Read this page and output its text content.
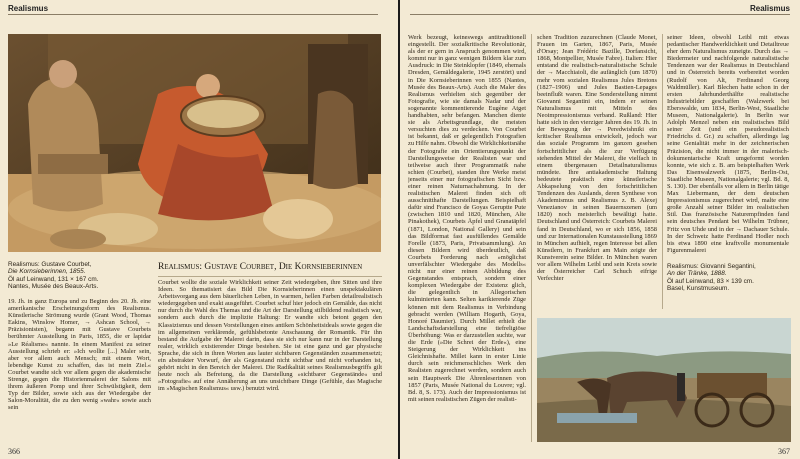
Realismus
Realismus: Gustave Courbet,
Die Kornsieberinnen, 1855.
Öl auf Leinwand, 131 × 167 cm.
Nantes, Musée des Beaux-Arts.
Realismus: Gustave Courbet, Die Kornsieberinnen
Courbet wollte die soziale Wirklichkeit seiner Zeit wiedergeben, ihre Sitten und ihre Ideen. So thematisiert das Bild Die Kornsieberinnen einen unspektakulären Arbeitsvorgang aus dem bäuerlichen Leben, in warmen, hellen Farben detailrealistisch wiedergegeben und exakt ausgeführt. Courbet schuf hier jedoch ein Gemälde, das nicht nur durch die Wahl des Themas und die Art der Darstellung stilbildend realistisch war, sondern auch durch die implizite Haltung: Er wandte sich betont gegen den Klassizismus und dessen Vorstellungen eines antiken Schönheitsideals sowie gegen die im allgemeinen verklärende, gefühlsbetonte Anschauung der Romantik. Für ihn bestand die Aufgabe der Malerei darin, dass sie sich nur kann nur in der Darstellung realer, wirklich existierender Dinge bestehen. Sie ist eine ganz und gar physische Sprache, die sich in ihren Worten aus lauter sichtbaren Gegenständen zusammensetzt; ein abstrakter Vorwurf, der als Gegenstand nicht sichtbar und nicht vorhanden ist, gehört nicht in den Bereich der Malerei. Die Radikalität seines Realismusbegriffs gilt heute noch als Befreiung, da die Darstellung »sichtbarer Gegenstände« und »Fotografie« auf eine Annäherung an uns unsichtbare Dinge (Gefühle, das Magische im »Magischen Realismus« usw.) benutzt wird.
19. Jh. in ganz Europa und zu Beginn des 20. Jh. eine amerikanische Erscheinungsform des Realismus. Künstlerische Strömung wurde (Grant Wood, Thomas Eakins, Winslow Homer, → Ashcan School, → Präzisionisten), begann mit Gustave Courbets berühmter Ausstellung in Paris, 1855, die er lapidar »Le Réalisme« nannte. In einem Manifest zu seiner Ausstellung schrieb er: »Ich wollte [...] Maler sein, aber vor allem auch Mensch; mit einem Wort, lebendige Kunst zu schaffen, das ist mein Ziel.« Courbet wandte sich vor allem gegen die akademische Strenge, gegen die Historienmalerei der Salons mit ihrem äußeren Pomp und ihrer Schwülstigkeit, dem Typ der Bilder, sowie sich aus der Wiedergabe der Salon-Moralität, die zu den wenig »wahr« sowie auch sein
366
Realismus
Werk bezeugt, keineswegs antitraditionell eingestellt. Der sozialkritische Revolutionär, als der er gern in Anspruch genommen wird, kommt nur in ganz wenigen Bildern klar zum Ausdruck: in Die Steinklopfer (1849, ehemals Dresden, Gemäldegalerie, 1945 zerstört) und in Die Kornsieberinnen von 1855 (Nantes, Musée des Beaux-Arts). Auch die Maler des Realismus verhielten sich gegenüber der Fotografie, wie sie damals Nadar und der sogenannte kommentierende Eugène Atget handhabten, sehr befangen. Manchen diente sie als Arbeitsgrundlage, die meisten versuchten dies zu verdecken. Von Courbet ist bekannt, daß er gelegentlich Fotografien zu Hilfe nahm. Obwohl die Wirklichkeitsnähe der Fotografie ein Orientierungspunkt der Darstellungsweise der Realisten war und teilweise auch ihrer Programmatik nahe schien (Courbet), standen ihre Werke meist jenseits einer nur fotografischen Sicht bzw. einer reinen Naturnachahmung. In der realistischen Malerei finden sich oft ausschnitthafte Darstellungen. Beispielhaft dafür sind Francisco de Goyas Geruptte Pute (zwischen 1810 und 1820, München, Alte Pinakothek), Courbets Äpfel und Granatäpfel (1871, London, National Gallery) und sein das Bildformat fast ausfüllendes Gemälde Forelle (1873, Paris, Privatsammlung). An diesen Bildern wird überdeutlich, daß Courbets Forderung nach »möglichst unverfälschter Wiedergabe des Modells« nicht nur einer reinen Abbildung des Gegenstandes entsprach, sondern einer komplexen Wiedergabe der Existenz glich, die gelegentlich in Allegorischen kulminierten kann. Selten karikierende Züge können mit dem Realismus in Verbindung gebracht werden (William Hogarth, Goya, Honoré Daumier). Durch Millet erhielt die Landschaftsdarstellung eine tiefreligiöse Überhöhung: Was er darzustellen suchte, war die Erde (»Die Schrei der Erde«), eine Steigerung der Wirklichkeit ins Gleichnishafte. Millet kann in erster Linie durch sein reichmenschliches Werk den Realisten zugerechnet werden, sondern auch sein Hauptwerk Die Ährenleserinnen von 1857 (Paris, Musée National du Louvre; vgl. Bd. 8, S. 173). Auch der Impressionismus ist mit seinen realistischen Zügen der realisti-
schen Tradition zuzurechnen (Claude Monet, Frauen im Garten, 1867, Paris, Musée d'Orsay; Jean Frédéric Bazille, Dorfansicht, 1868, Montpellier, Musée Fabre). Italien: Hier entstand die realistisch-naturalistische Schule der → Macchiaioli, die aufänglich (um 1870) mehr vom sozialen Realismus Jules Bretons (1827–1906) und Jules Bastien-Lepages beeinflußt waren. Eine Sonderstellung nimmt Giovanni Segantini ein, indem er seinen Naturalismus mit Mitteln des Neoimpressionismus verband. Rußland: Hier hatte sich in den vierziger Jahren des 19. Jh. in der Bewegung der → Peredwishniki ein kritischer Realismus entwickelt, jedoch war das soziale Programm im ganzen gesehen fortschrittlicher als die zur Verfügung stehenden Mittel der Malerei, die vielfach in einem übergenauen Detailnaturalismus mündete. Ihre antiakademische Haltung bedeutete praktisch eine künstlerische Abkapselung von den fortschrittlichen Tendenzen des Auslands, deren Synthese von Akademismus und Realismus z. B. Alexej Venezianov in seinen Bauernszenen (um 1820) noch meisterlich bewältigt hatte. Deutschland und Österreich: Courbets Malerei fand in Deutschland, wo er sich 1856, 1858 und zur Internationalen Kunstausstellung 1869 in München aufhielt, regen Interesse bei allen Künstlern, in Frankfurt am Main zeigte der Kunstverein seine Bilder. In München waren vor allem Wilhelm Leibl und sein Kreis sowie der Österreicher Carl Schuch eifrige Verfechter
seiner Ideen, obwohl Leibl mit etwas pedantischer Handwerklichkeit und Detailtreue eher dem Naturalismus zuneigte. Durch das → Biedermeier und nachfolgende naturalistische Tendenzen war der Realismus in Deutschland und in Österreich bereits vorbereitet worden (Rudolf von Alt, Ferdinand Georg Waldmüller). Karl Blechen hatte schon in der ersten Jahrhunderthälfte realistische Industriebilder geschaffen (Walzwerk bei Eberswalde, um 1834, Berlin-West, Staatliche Museen, Nationalgalerie). In Berlin war Adolph Menzel neben ein realistisches Bild seiner Zeit (und ein pseudorealistisch Friedrichs d. Gr.) zu schaffen, allerdings lag seine Genialität mehr in der zeichnerischen Präzision, die nicht immer in der malerisch-dokumentarische Kraft umgeformt worden konnte, wie sich z. B. am beispielhaften Werk Das Eisenwalzwerk (1875, Berlin-Ost, Staatliche Museen, Nationalgalerie; vgl. Bd. 8, S. 130). Der ebenfalls vor allem in Berlin tätige Max Liebermann, der dem deutschen Impressionismus zugerechnet wird, malte eine große Anzahl seiner Bilder im realistischen Stil. Das französische Naturempfinden fand sein deutsches Pendant bei Wilhelm Trübner, Fritz von Uhde und in der → Dachauer Schule. In der Schweiz hatte Ferdinand Hodler noch bis etwa 1890 eine kraftvolle monumentale Figurenmalerei
Realismus: Giovanni Segantini,
An der Tränke, 1888.
Öl auf Leinwand, 83 × 139 cm.
Basel, Kunstmuseum.
367
